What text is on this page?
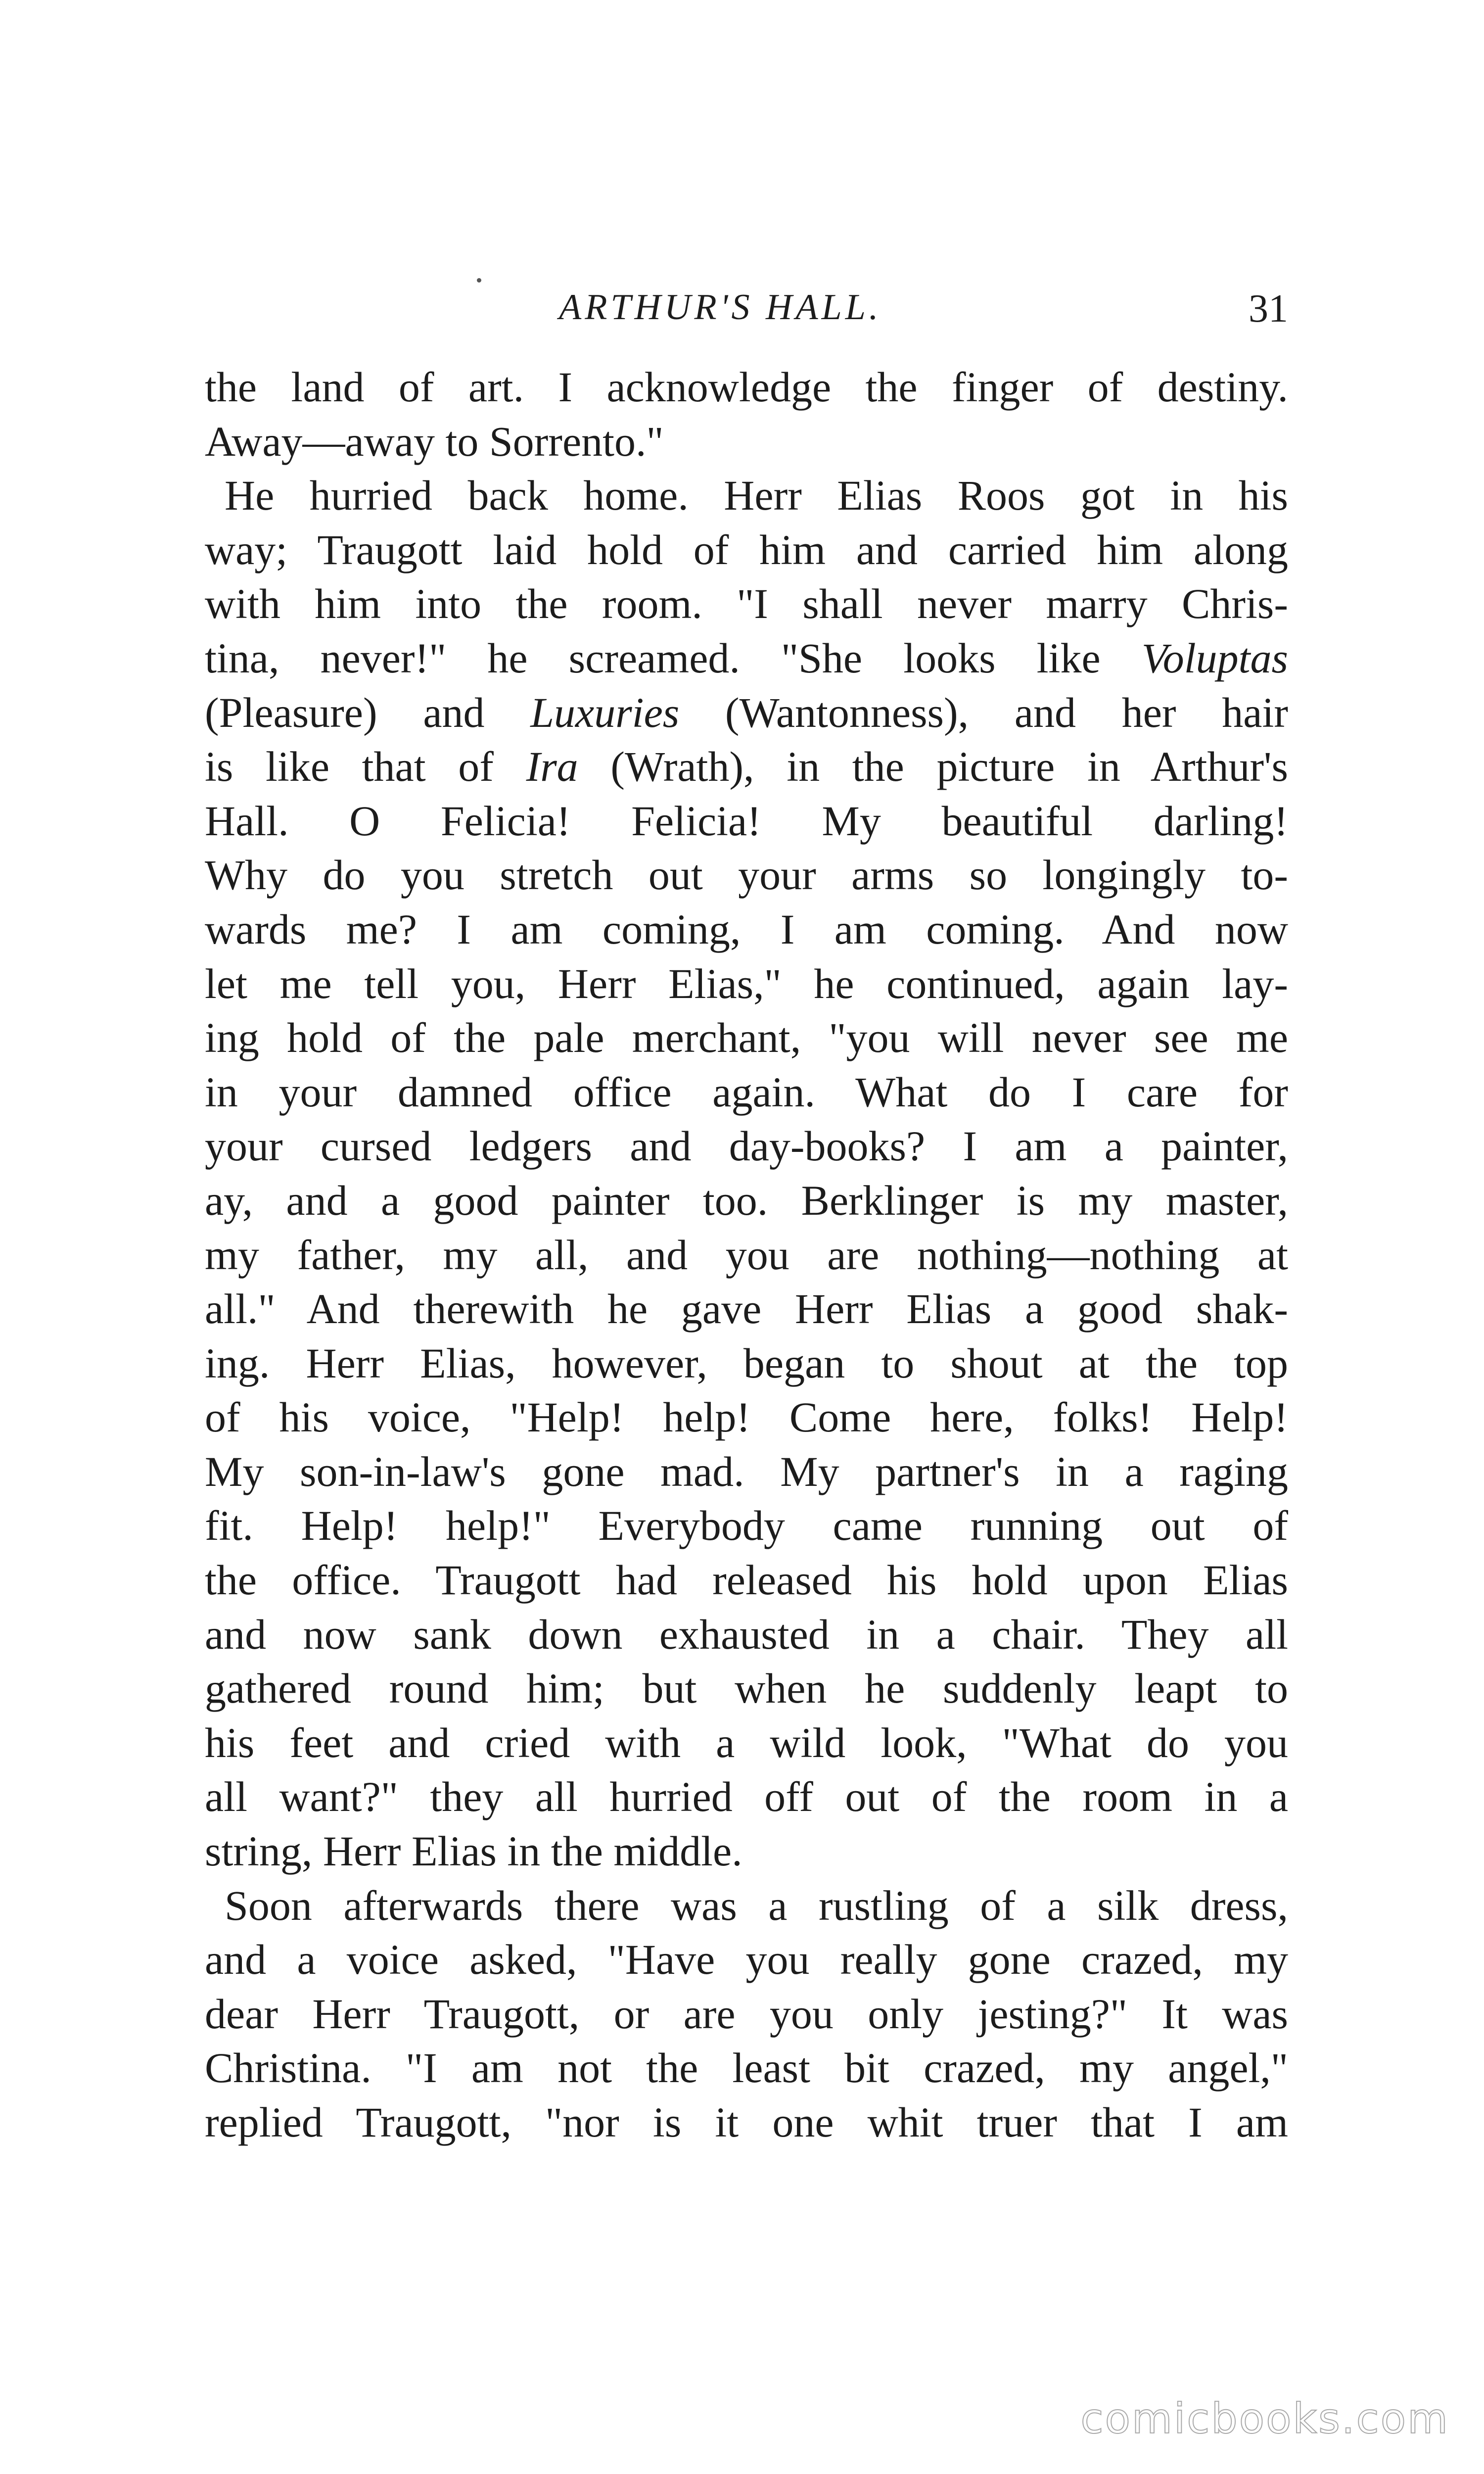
ARTHUR'S HALL.	31
the land of art. I acknowledge the finger of destiny.
Away—away to Sorrento."
He hurried back home. Herr Elias Roos got in his
way; Traugott laid hold of him and carried him along
with him into the room. "I shall never marry Chris-
tina, never!" he screamed. "She looks like Voluptas
(Pleasure) and Luxuries (Wantonness), and her hair
is like that of Ira (Wrath), in the picture in Arthur's
Hall. O Felicia! Felicia! My beautiful darling!
Why do you stretch out your arms so longingly to-
wards me? I am coming, I am coming. And now
let me tell you, Herr Elias," he continued, again lay-
ing hold of the pale merchant, "you will never see me
in your damned office again. What do I care for
your cursed ledgers and day-books? I am a painter,
ay, and a good painter too. Berklinger is my master,
my father, my all, and you are nothing—nothing at
all." And therewith he gave Herr Elias a good shak-
ing. Herr Elias, however, began to shout at the top
of his voice, "Help! help! Come here, folks! Help!
My son-in-law's gone mad. My partner's in a raging
fit. Help! help!" Everybody came running out of
the office. Traugott had released his hold upon Elias
and now sank down exhausted in a chair. They all
gathered round him; but when he suddenly leapt to
his feet and cried with a wild look, "What do you
all want?" they all hurried off out of the room in a
string, Herr Elias in the middle.
Soon afterwards there was a rustling of a silk dress,
and a voice asked, "Have you really gone crazed, my
dear Herr Traugott, or are you only jesting?" It was
Christina. "I am not the least bit crazed, my angel,"
replied Traugott, "nor is it one whit truer that I am
comicbooks.com
